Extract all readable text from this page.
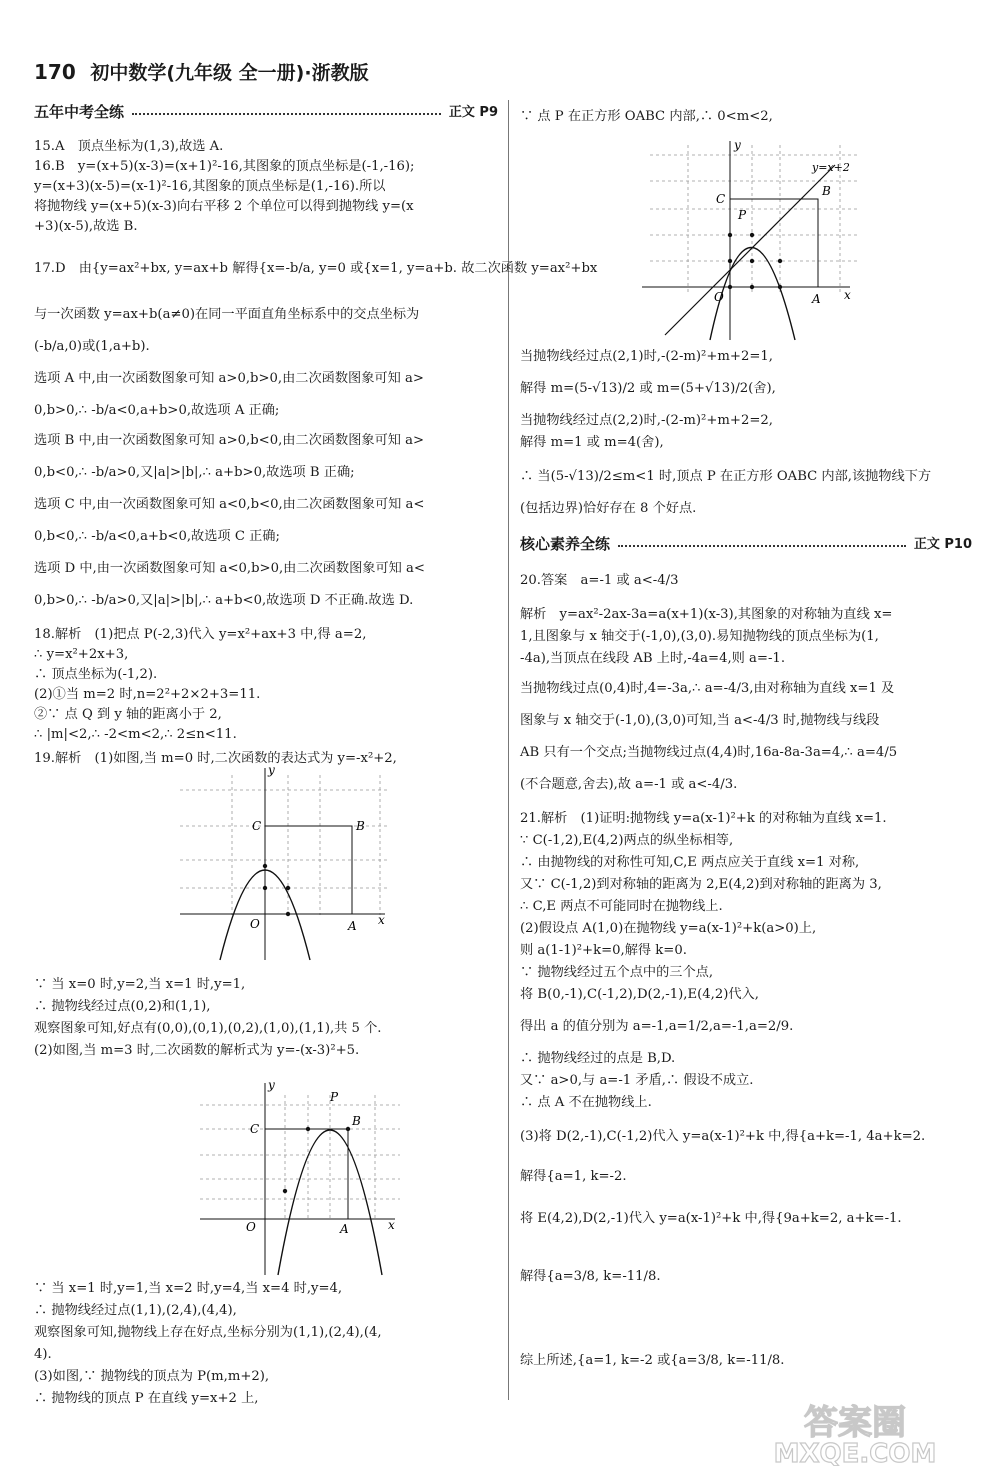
170 初中数学(九年级 全一册)·浙教版
五年中考全练	正文 P9
15.A　顶点坐标为(1,3),故选 A.
16.B　y=(x+5)(x-3)=(x+1)²-16,其图象的顶点坐标是(-1,-16);
y=(x+3)(x-5)=(x-1)²-16,其图象的顶点坐标是(1,-16).所以
将抛物线 y=(x+5)(x-3)向右平移 2 个单位可以得到抛物线 y=(x
+3)(x-5),故选 B.
17.D　由{y=ax²+bx, y=ax+b 解得{x=-b/a, y=0 或{x=1, y=a+b. 故二次函数 y=ax²+bx
与一次函数 y=ax+b(a≠0)在同一平面直角坐标系中的交点坐标为
(-b/a,0)或(1,a+b).
选项 A 中,由一次函数图象可知 a>0,b>0,由二次函数图象可知 a>
0,b>0,∴ -b/a<0,a+b>0,故选项 A 正确;
选项 B 中,由一次函数图象可知 a>0,b<0,由二次函数图象可知 a>
0,b<0,∴ -b/a>0,又|a|>|b|,∴ a+b>0,故选项 B 正确;
选项 C 中,由一次函数图象可知 a<0,b<0,由二次函数图象可知 a<
0,b<0,∴ -b/a<0,a+b<0,故选项 C 正确;
选项 D 中,由一次函数图象可知 a<0,b>0,由二次函数图象可知 a<
0,b>0,∴ -b/a>0,又|a|>|b|,∴ a+b<0,故选项 D 不正确.故选 D.
18.解析　(1)把点 P(-2,3)代入 y=x²+ax+3 中,得 a=2,
∴ y=x²+2x+3,
∴ 顶点坐标为(-1,2).
(2)①当 m=2 时,n=2²+2×2+3=11.
②∵ 点 Q 到 y 轴的距离小于 2,
∴ |m|<2,∴ -2<m<2,∴ 2≤n<11.
19.解析　(1)如图,当 m=0 时,二次函数的表达式为 y=-x²+2,
∵ 当 x=0 时,y=2,当 x=1 时,y=1,
∴ 抛物线经过点(0,2)和(1,1),
观察图象可知,好点有(0,0),(0,1),(0,2),(1,0),(1,1),共 5 个.
(2)如图,当 m=3 时,二次函数的解析式为 y=-(x-3)²+5.
∵ 当 x=1 时,y=1,当 x=2 时,y=4,当 x=4 时,y=4,
∴ 抛物线经过点(1,1),(2,4),(4,4),
观察图象可知,抛物线上存在好点,坐标分别为(1,1),(2,4),(4,
4).
(3)如图,∵ 抛物线的顶点为 P(m,m+2),
∴ 抛物线的顶点 P 在直线 y=x+2 上,
y
x
O	A
B
C
y
x
O	A
B
C
P
∵ 点 P 在正方形 OABC 内部,∴ 0<m<2,
当抛物线经过点(2,1)时,-(2-m)²+m+2=1,
解得 m=(5-√13)/2 或 m=(5+√13)/2(舍),
当抛物线经过点(2,2)时,-(2-m)²+m+2=2,
解得 m=1 或 m=4(舍),
∴ 当(5-√13)/2≤m<1 时,顶点 P 在正方形 OABC 内部,该抛物线下方
(包括边界)恰好存在 8 个好点.
核心素养全练	正文 P10
20.答案　a=-1 或 a<-4/3
解析　y=ax²-2ax-3a=a(x+1)(x-3),其图象的对称轴为直线 x=
1,且图象与 x 轴交于(-1,0),(3,0).易知抛物线的顶点坐标为(1,
-4a),当顶点在线段 AB 上时,-4a=4,则 a=-1.
当抛物线过点(0,4)时,4=-3a,∴ a=-4/3,由对称轴为直线 x=1 及
图象与 x 轴交于(-1,0),(3,0)可知,当 a<-4/3 时,抛物线与线段
AB 只有一个交点;当抛物线过点(4,4)时,16a-8a-3a=4,∴ a=4/5
(不合题意,舍去),故 a=-1 或 a<-4/3.
21.解析　(1)证明:抛物线 y=a(x-1)²+k 的对称轴为直线 x=1.
∵ C(-1,2),E(4,2)两点的纵坐标相等,
∴ 由抛物线的对称性可知,C,E 两点应关于直线 x=1 对称,
又∵ C(-1,2)到对称轴的距离为 2,E(4,2)到对称轴的距离为 3,
∴ C,E 两点不可能同时在抛物线上.
(2)假设点 A(1,0)在抛物线 y=a(x-1)²+k(a>0)上,
则 a(1-1)²+k=0,解得 k=0.
∵ 抛物线经过五个点中的三个点,
将 B(0,-1),C(-1,2),D(2,-1),E(4,2)代入,
得出 a 的值分别为 a=-1,a=1/2,a=-1,a=2/9.
∴ 抛物线经过的点是 B,D.
又∵ a>0,与 a=-1 矛盾,∴ 假设不成立.
∴ 点 A 不在抛物线上.
(3)将 D(2,-1),C(-1,2)代入 y=a(x-1)²+k 中,得{a+k=-1, 4a+k=2.
解得{a=1, k=-2.
将 E(4,2),D(2,-1)代入 y=a(x-1)²+k 中,得{9a+k=2, a+k=-1.
解得{a=3/8, k=-11/8.
综上所述,{a=1, k=-2 或{a=3/8, k=-11/8.
y
x
O	A
B
C
P
y=x+2
答案圈
MXQE.COM
